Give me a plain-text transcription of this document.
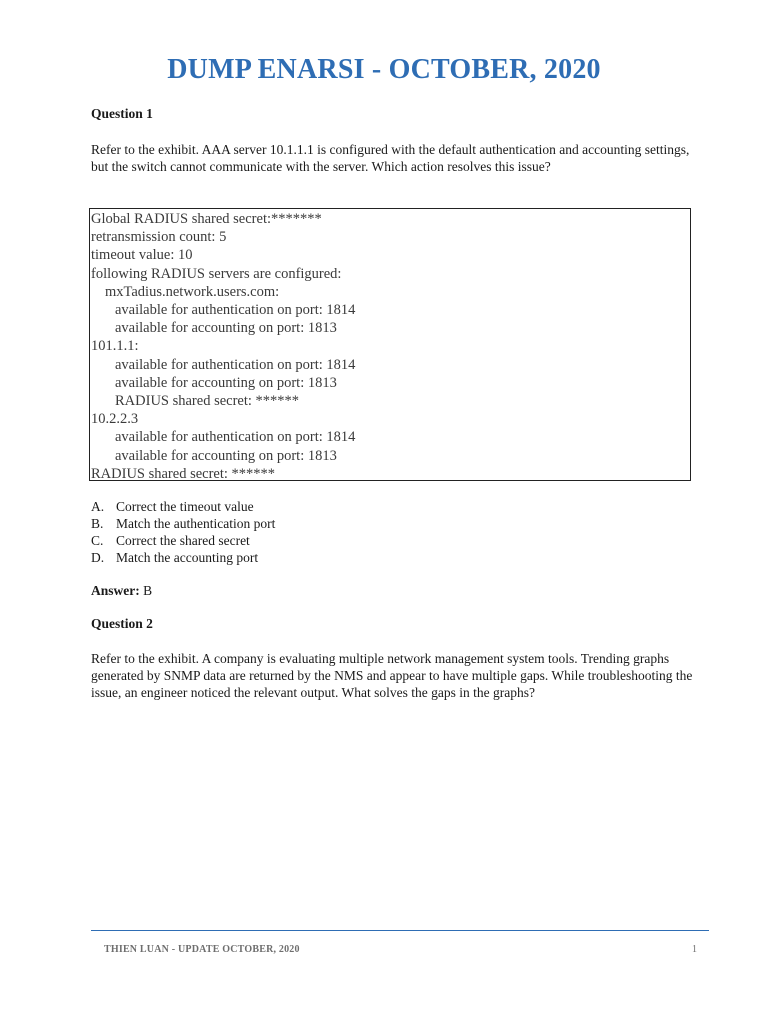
DUMP ENARSI - OCTOBER, 2020
Question 1
Refer to the exhibit. AAA server 10.1.1.1 is configured with the default authentication and accounting settings, but the switch cannot communicate with the server. Which action resolves this issue?
Global RADIUS shared secret:*******
retransmission count: 5
timeout value: 10
following RADIUS servers are configured:
mxTadius.network.users.com:
available for authentication on port: 1814
available for accounting on port: 1813
101.1.1:
available for authentication on port: 1814
available for accounting on port: 1813
RADIUS shared secret: ******
10.2.2.3
available for authentication on port: 1814
available for accounting on port: 1813
RADIUS shared secret: ******
A. Correct the timeout value
B. Match the authentication port
C. Correct the shared secret
D. Match the accounting port
Answer: B
Question 2
Refer to the exhibit. A company is evaluating multiple network management system tools. Trending graphs generated by SNMP data are returned by the NMS and appear to have multiple gaps. While troubleshooting the issue, an engineer noticed the relevant output. What solves the gaps in the graphs?
THIEN LUAN - UPDATE OCTOBER, 2020	1
